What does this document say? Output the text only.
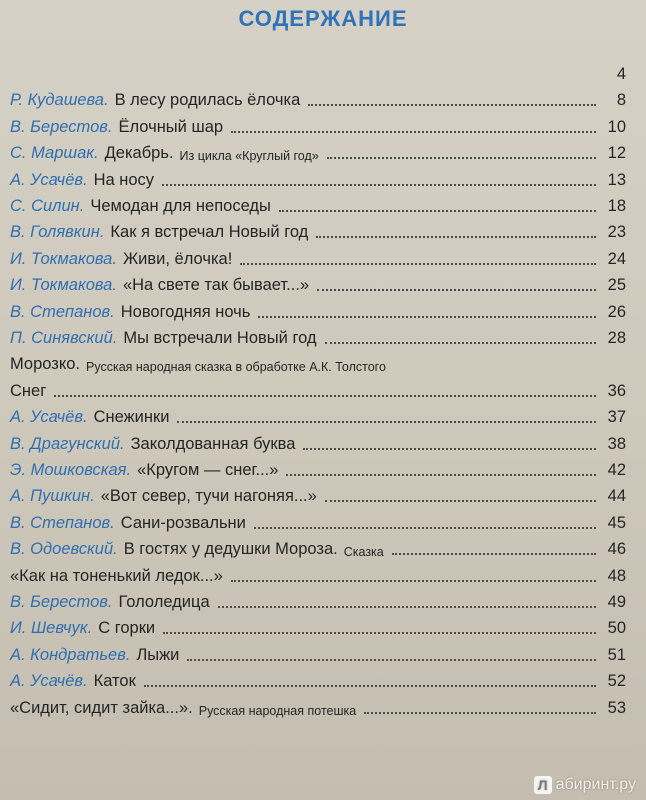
СОДЕРЖАНИЕ
4
Р. Кудашева. В лесу родилась ёлочка	8
В. Берестов. Ёлочный шар	10
С. Маршак. Декабрь. Из цикла «Круглый год»	12
А. Усачёв. На носу	13
С. Силин. Чемодан для непоседы	18
В. Голявкин. Как я встречал Новый год	23
И. Токмакова. Живи, ёлочка!	24
И. Токмакова. «На свете так бывает...»	25
В. Степанов. Новогодняя ночь	26
П. Синявский. Мы встречали Новый год	28
Морозко. Русская народная сказка в обработке А.К. Толстого
Снег	36
А. Усачёв. Снежинки	37
В. Драгунский. Заколдованная буква	38
Э. Мошковская. «Кругом — снег...»	42
А. Пушкин. «Вот север, тучи нагоняя...»	44
В. Степанов. Сани-розвальни	45
В. Одоевский. В гостях у дедушки Мороза. Сказка	46
«Как на тоненький ледок...»	48
В. Берестов. Гололедица	49
И. Шевчук. С горки	50
А. Кондратьев. Лыжи	51
А. Усачёв. Каток	52
«Сидит, сидит зайка...». Русская народная потешка	53
Л абиринт.ру
